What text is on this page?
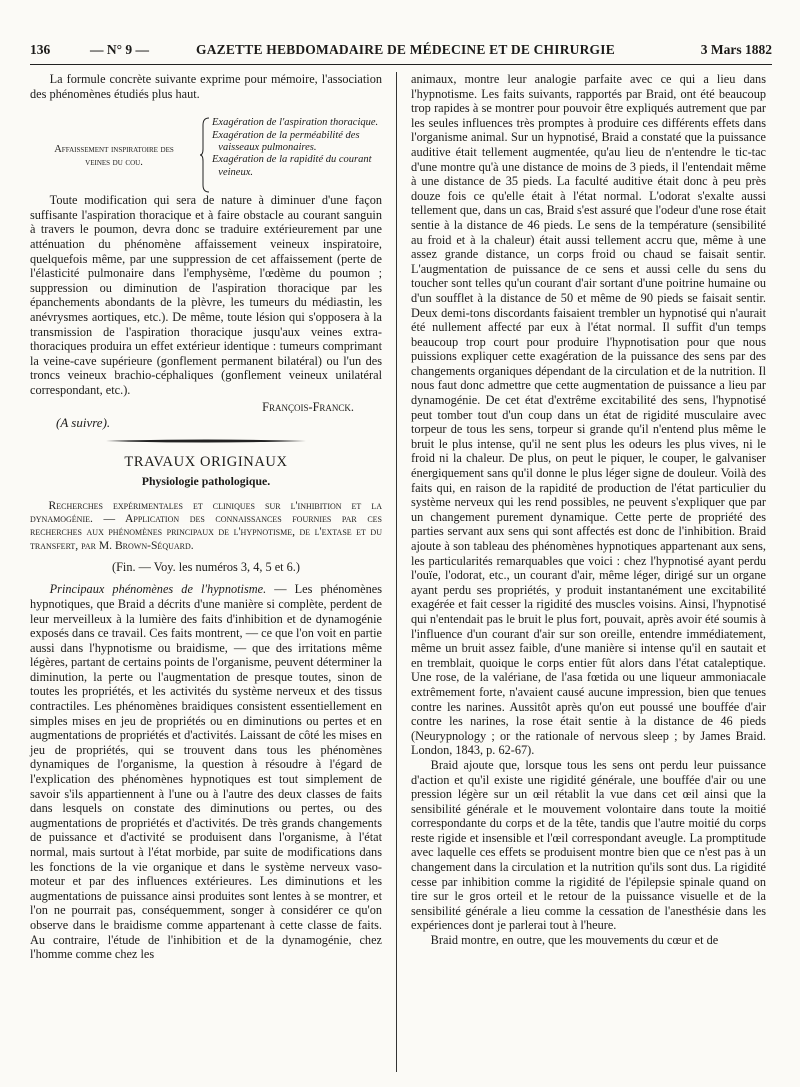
136	— N° 9 —	GAZETTE HEBDOMADAIRE DE MÉDECINE ET DE CHIRURGIE	3 Mars 1882

La formule concrète suivante exprime pour mémoire, l'association des phénomènes étudiés plus haut.

Affaissement inspiratoire des
veines du cou.
Exagération de l'aspiration thoracique.
Exagération de la perméabilité des vaisseaux pulmonaires.
Exagération de la rapidité du courant veineux.

Toute modification qui sera de nature à diminuer d'une façon suffisante l'aspiration thoracique et à faire obstacle au courant sanguin à travers le poumon, devra donc se traduire extérieurement par une atténuation du phénomène affaissement veineux inspiratoire, quelquefois même, par une suppression de cet affaissement (perte de l'élasticité pulmonaire dans l'emphysème, l'œdème du poumon ; suppression ou diminution de l'aspiration thoracique par les épanchements abondants de la plèvre, les tumeurs du médiastin, les anévrysmes aortiques, etc.). De même, toute lésion qui s'opposera à la transmission de l'aspiration thoracique jusqu'aux veines extra-thoraciques produira un effet extérieur identique : tumeurs comprimant la veine-cave supérieure (gonflement permanent bilatéral) ou l'un des troncs veineux brachio-céphaliques (gonflement veineux unilatéral correspondant, etc.).

François-Franck.
(A suivre).
TRAVAUX ORIGINAUX
Physiologie pathologique.

Recherches expérimentales et cliniques sur l'inhibition et la dynamogénie. — Application des connaissances fournies par ces recherches aux phénomènes principaux de l'hypnotisme, de l'extase et du transfert, par M. Brown-Séquard.

(Fin. — Voy. les numéros 3, 4, 5 et 6.)

Principaux phénomènes de l'hypnotisme. — Les phénomènes hypnotiques, que Braid a décrits d'une manière si complète, perdent de leur merveilleux à la lumière des faits d'inhibition et de dynamogénie exposés dans ce travail. Ces faits montrent, — ce que l'on voit en partie aussi dans l'hypnotisme ou braidisme, — que des irritations même légères, partant de certains points de l'organisme, peuvent déterminer la diminution, la perte ou l'augmentation de presque toutes, sinon de toutes les propriétés, et les activités du système nerveux et des tissus contractiles. Les phénomènes braidiques consistent essentiellement en simples mises en jeu de propriétés ou en diminutions ou pertes et en augmentations de propriétés et d'activités. Laissant de côté les mises en jeu de propriétés, qui se trouvent dans tous les phénomènes dynamiques de l'organisme, la question à résoudre à l'égard de l'explication des phénomènes hypnotiques est tout simplement de savoir s'ils appartiennent à l'une ou à l'autre des deux classes de faits dans lesquels on constate des diminutions ou pertes, ou des augmentations de propriétés et d'activités. De très grands changements de puissance et d'activité se produisent dans l'organisme, à l'état normal, mais surtout à l'état morbide, par suite de modifications dans les fonctions de la vie organique et dans le système nerveux vaso-moteur et par des influences extérieures. Les diminutions et les augmentations de puissance ainsi produites sont lentes à se montrer, et l'on ne pourrait pas, conséquemment, songer à considérer ce qu'on observe dans le braidisme comme appartenant à cette classe de faits. Au contraire, l'étude de l'inhibition et de la dynamogénie, chez l'homme comme chez les

animaux, montre leur analogie parfaite avec ce qui a lieu dans l'hypnotisme. Les faits suivants, rapportés par Braid, ont été beaucoup trop rapides à se montrer pour pouvoir être expliqués autrement que par les seules influences très promptes à produire ces différents effets dans l'organisme animal. Sur un hypnotisé, Braid a constaté que la puissance auditive était tellement augmentée, qu'au lieu de n'entendre le tic-tac d'une montre qu'à une distance de moins de 3 pieds, il l'entendait même à une distance de 35 pieds. La faculté auditive était donc à peu près douze fois ce qu'elle était à l'état normal. L'odorat s'exalte aussi tellement que, dans un cas, Braid s'est assuré que l'odeur d'une rose était sentie à la distance de 46 pieds. Le sens de la température (sensibilité au froid et à la chaleur) était aussi tellement accru que, même à une assez grande distance, un corps froid ou chaud se faisait sentir. L'augmentation de puissance de ce sens et aussi celle du sens du toucher sont telles qu'un courant d'air sortant d'une poitrine humaine ou d'un soufflet à la distance de 50 et même de 90 pieds se faisait sentir. Deux demi-tons discordants faisaient trembler un hypnotisé qui n'aurait été nullement affecté par eux à l'état normal. Il suffit d'un temps beaucoup trop court pour produire l'hypnotisation pour que nous puissions expliquer cette exagération de la puissance des sens par des changements organiques dépendant de la circulation et de la nutrition. Il nous faut donc admettre que cette augmentation de puissance a lieu par dynamogénie. De cet état d'extrême excitabilité des sens, l'hypnotisé peut tomber tout d'un coup dans un état de rigidité musculaire avec torpeur de tous les sens, torpeur si grande qu'il n'entend plus même le bruit le plus intense, qu'il ne sent plus les odeurs les plus vives, ni le froid ni la chaleur. De plus, on peut le piquer, le couper, le galvaniser énergiquement sans qu'il donne le plus léger signe de douleur. Voilà des faits qui, en raison de la rapidité de production de l'état particulier du système nerveux qui les rend possibles, ne peuvent s'expliquer que par un changement purement dynamique. Cette perte de propriété des parties servant aux sens qui sont affectés est donc de l'inhibition. Braid ajoute à son tableau des phénomènes hypnotiques appartenant aux sens, les particularités remarquables que voici : chez l'hypnotisé ayant perdu l'ouïe, l'odorat, etc., un courant d'air, même léger, dirigé sur un organe ayant perdu ses propriétés, y produit instantanément une excitabilité exagérée et fait cesser la rigidité des muscles voisins. Ainsi, l'hypnotisé qui n'entendait pas le bruit le plus fort, pouvait, après avoir été soumis à l'influence d'un courant d'air sur son oreille, entendre immédiatement, même un bruit assez faible, d'une manière si intense qu'il en sautait et en tremblait, quoique le corps entier fût alors dans l'état cataleptique. Une rose, de la valériane, de l'asa fœtida ou une liqueur ammoniacale extrêmement forte, n'avaient causé aucune impression, bien que tenues contre les narines. Aussitôt après qu'on eut poussé une bouffée d'air contre les narines, la rose était sentie à la distance de 46 pieds (Neurypnology ; or the rationale of nervous sleep ; by James Braid. London, 1843, p. 62-67).

Braid ajoute que, lorsque tous les sens ont perdu leur puissance d'action et qu'il existe une rigidité générale, une bouffée d'air ou une pression légère sur un œil rétablit la vue dans cet œil ainsi que la sensibilité générale et le mouvement volontaire dans toute la moitié correspondante du corps et de la tête, tandis que l'autre moitié du corps reste rigide et insensible et l'œil correspondant aveugle. La promptitude avec laquelle ces effets se produisent montre bien que ce n'est pas à un changement dans la circulation et la nutrition qu'ils sont dus. La rigidité cesse par inhibition comme la rigidité de l'épilepsie spinale quand on tire sur le gros orteil et le retour de la puissance visuelle et de la sensibilité générale a lieu comme la cessation de l'anesthésie dans les expériences dont je parlerai tout à l'heure.

Braid montre, en outre, que les mouvements du cœur et de
